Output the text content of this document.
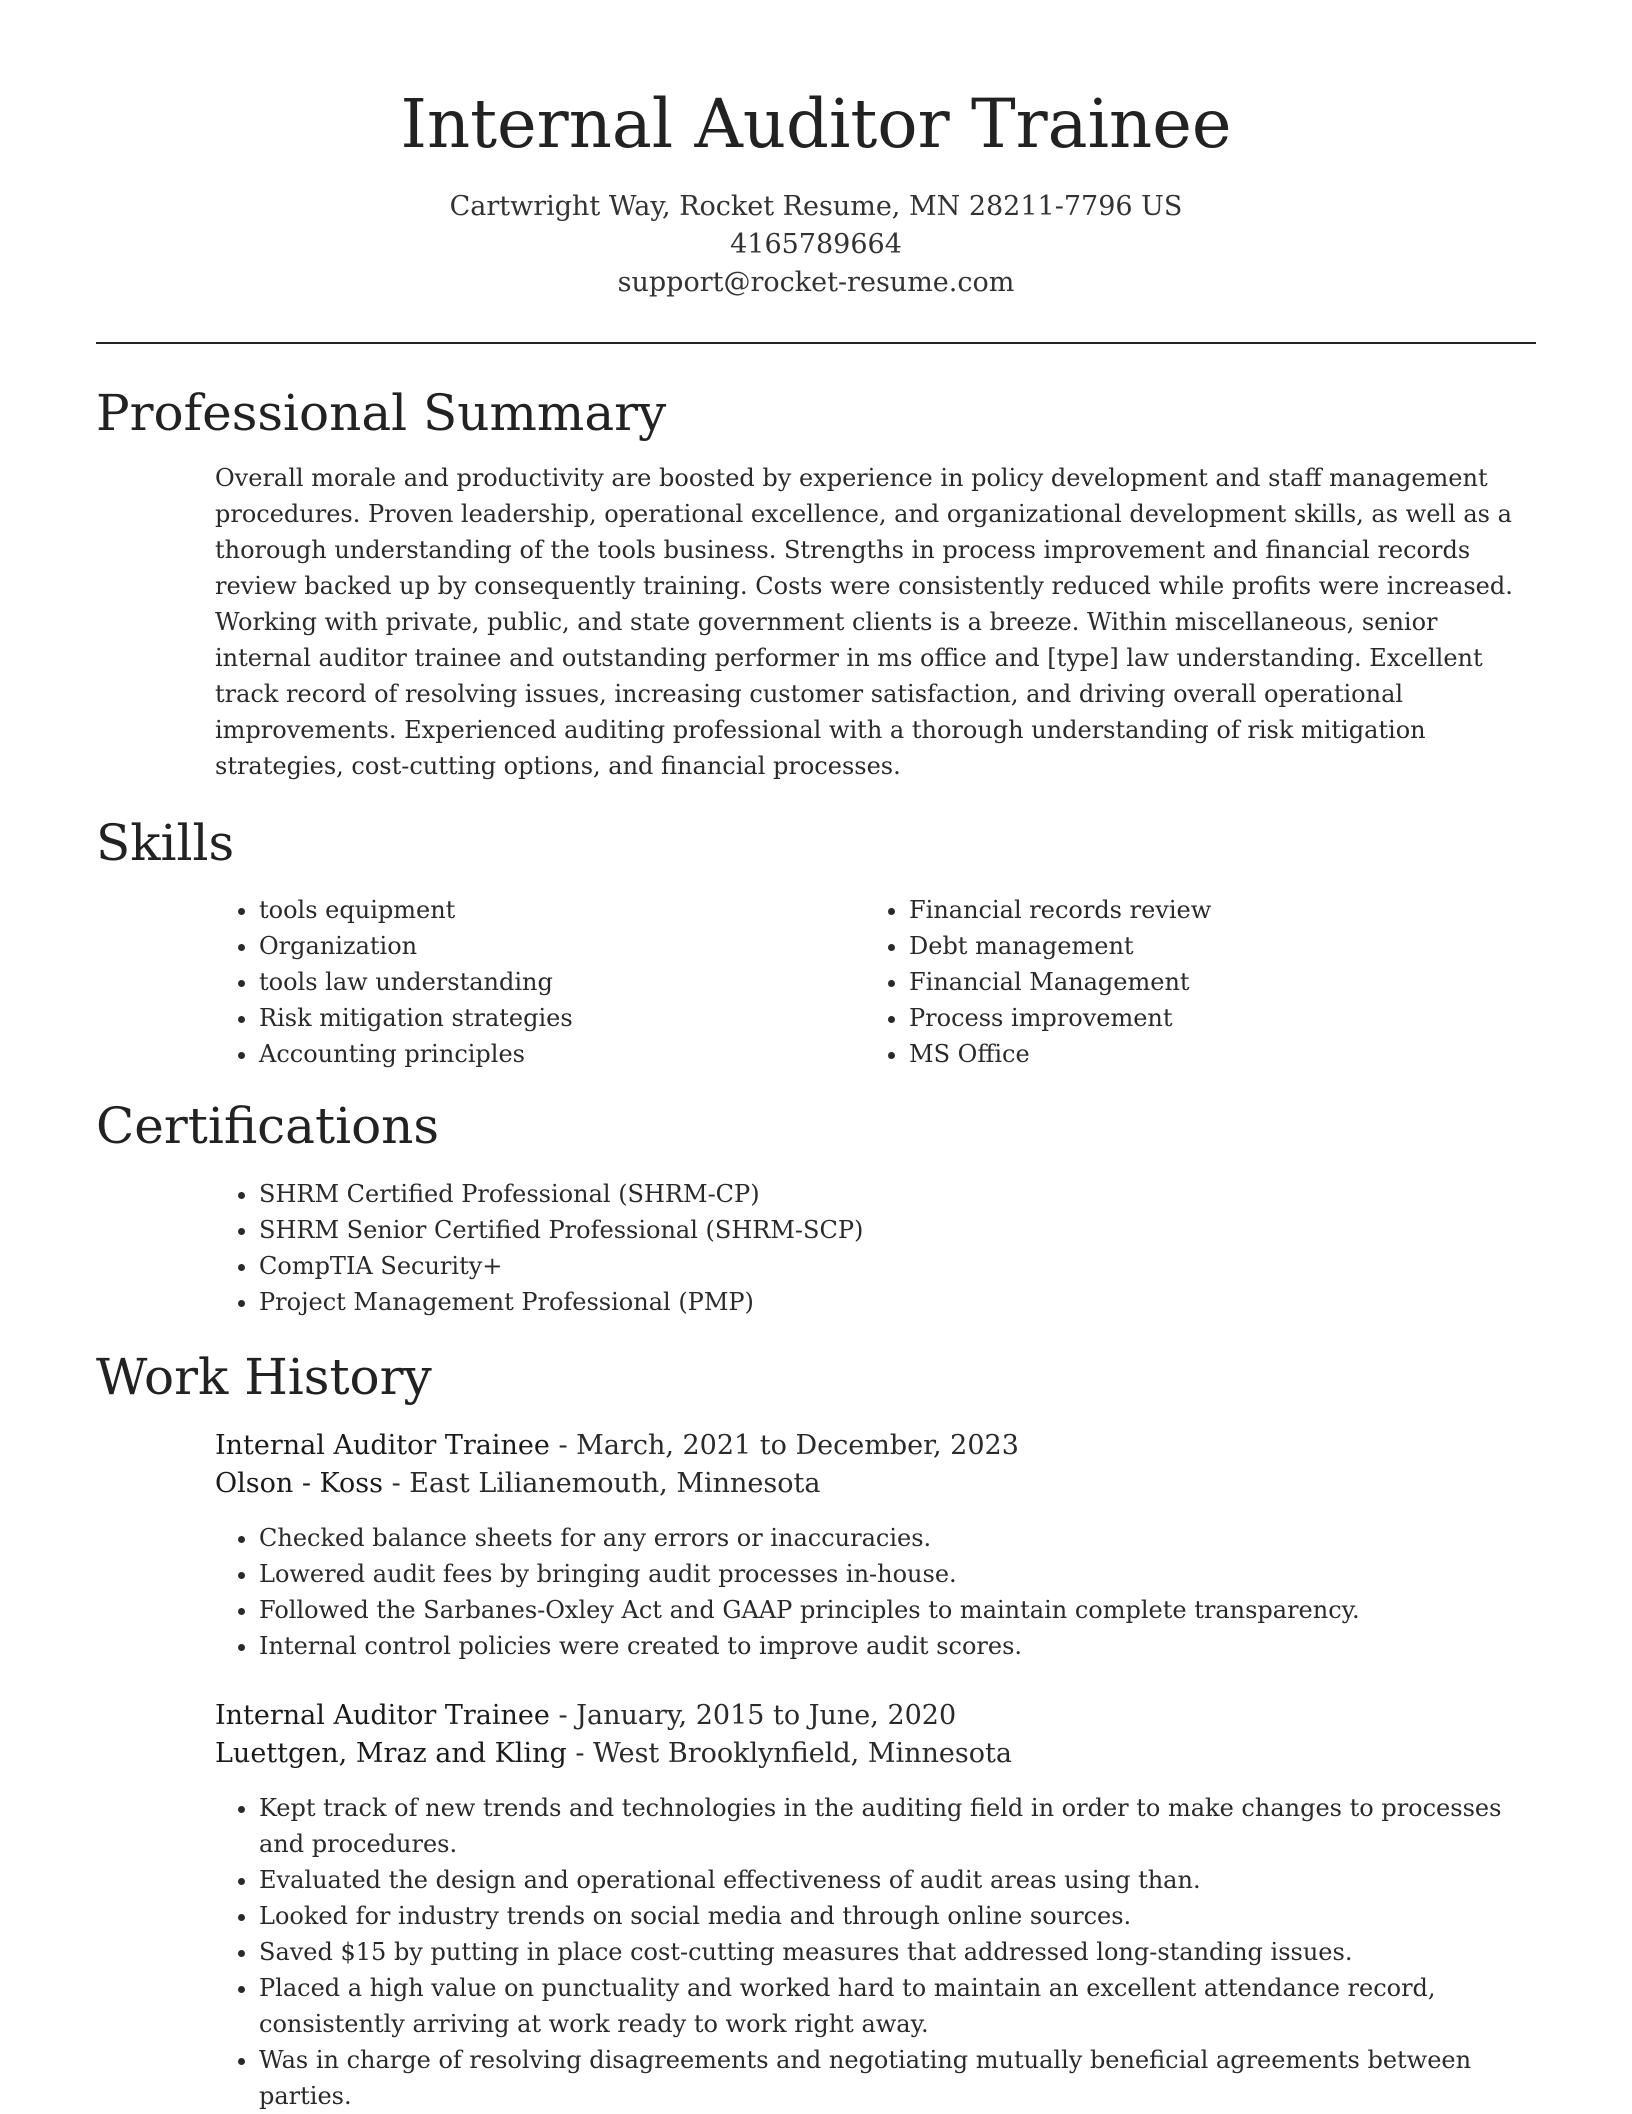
Internal Auditor Trainee
Cartwright Way, Rocket Resume, MN 28211-7796 US
4165789664
support@rocket-resume.com
Professional Summary

Overall morale and productivity are boosted by experience in policy development and staff management procedures. Proven leadership, operational excellence, and organizational development skills, as well as a thorough understanding of the tools business. Strengths in process improvement and financial records review backed up by consequently training. Costs were consistently reduced while profits were increased. Working with private, public, and state government clients is a breeze. Within miscellaneous, senior internal auditor trainee and outstanding performer in ms office and [type] law understanding. Excellent track record of resolving issues, increasing customer satisfaction, and driving overall operational improvements. Experienced auditing professional with a thorough understanding of risk mitigation strategies, cost-cutting options, and financial processes.

Skills
• tools equipment
• Organization
• tools law understanding
• Risk mitigation strategies
• Accounting principles
• Financial records review
• Debt management
• Financial Management
• Process improvement
• MS Office
Certifications
• SHRM Certified Professional (SHRM-CP)
• SHRM Senior Certified Professional (SHRM-SCP)
• CompTIA Security+
• Project Management Professional (PMP)
Work History
Internal Auditor Trainee - March, 2021 to December, 2023
Olson - Koss - East Lilianemouth, Minnesota
• Checked balance sheets for any errors or inaccuracies.
• Lowered audit fees by bringing audit processes in-house.
• Followed the Sarbanes-Oxley Act and GAAP principles to maintain complete transparency.
• Internal control policies were created to improve audit scores.
Internal Auditor Trainee - January, 2015 to June, 2020
Luettgen, Mraz and Kling - West Brooklynfield, Minnesota
• Kept track of new trends and technologies in the auditing field in order to make changes to processes and procedures.
• Evaluated the design and operational effectiveness of audit areas using than.
• Looked for industry trends on social media and through online sources.
• Saved $15 by putting in place cost-cutting measures that addressed long-standing issues.
• Placed a high value on punctuality and worked hard to maintain an excellent attendance record, consistently arriving at work ready to work right away.
• Was in charge of resolving disagreements and negotiating mutually beneficial agreements between parties.
